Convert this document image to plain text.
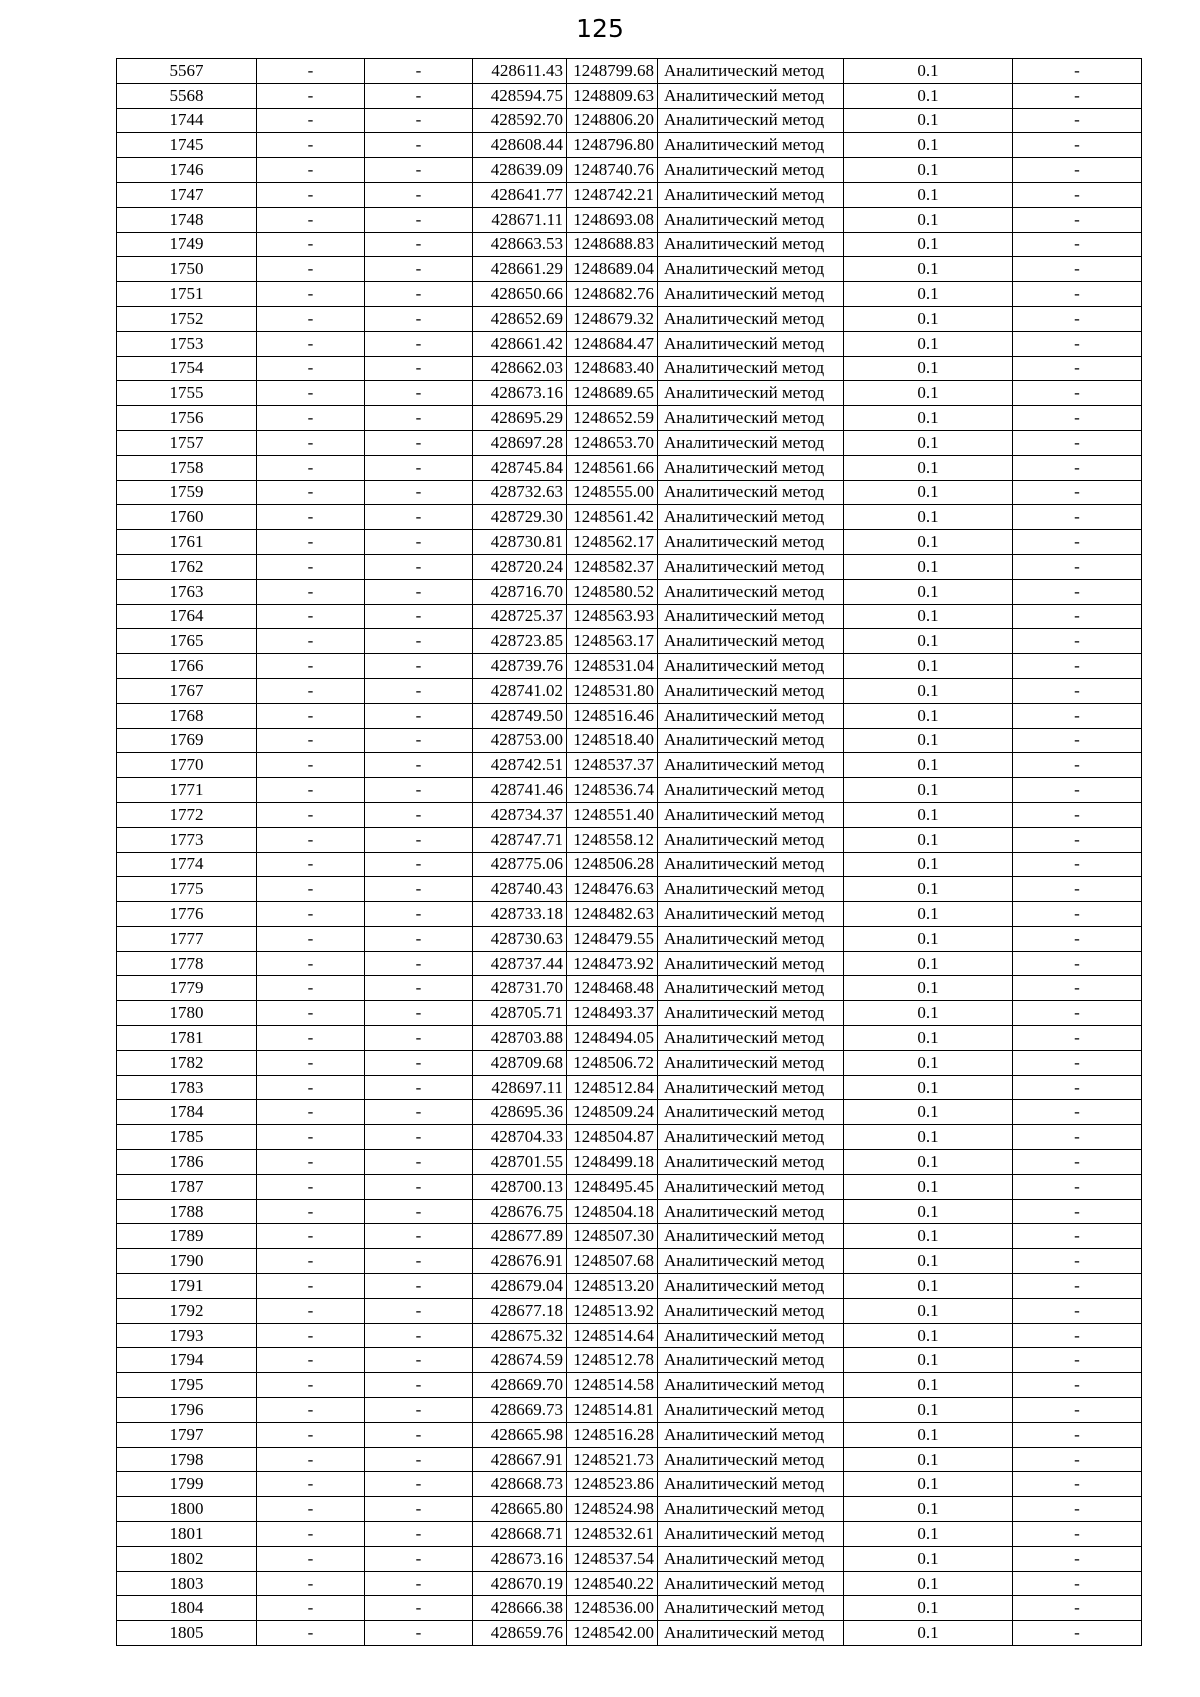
125
5567	-	-	428611.43	1248799.68	Аналитический метод	0.1	-
5568	-	-	428594.75	1248809.63	Аналитический метод	0.1	-
1744	-	-	428592.70	1248806.20	Аналитический метод	0.1	-
1745	-	-	428608.44	1248796.80	Аналитический метод	0.1	-
1746	-	-	428639.09	1248740.76	Аналитический метод	0.1	-
1747	-	-	428641.77	1248742.21	Аналитический метод	0.1	-
1748	-	-	428671.11	1248693.08	Аналитический метод	0.1	-
1749	-	-	428663.53	1248688.83	Аналитический метод	0.1	-
1750	-	-	428661.29	1248689.04	Аналитический метод	0.1	-
1751	-	-	428650.66	1248682.76	Аналитический метод	0.1	-
1752	-	-	428652.69	1248679.32	Аналитический метод	0.1	-
1753	-	-	428661.42	1248684.47	Аналитический метод	0.1	-
1754	-	-	428662.03	1248683.40	Аналитический метод	0.1	-
1755	-	-	428673.16	1248689.65	Аналитический метод	0.1	-
1756	-	-	428695.29	1248652.59	Аналитический метод	0.1	-
1757	-	-	428697.28	1248653.70	Аналитический метод	0.1	-
1758	-	-	428745.84	1248561.66	Аналитический метод	0.1	-
1759	-	-	428732.63	1248555.00	Аналитический метод	0.1	-
1760	-	-	428729.30	1248561.42	Аналитический метод	0.1	-
1761	-	-	428730.81	1248562.17	Аналитический метод	0.1	-
1762	-	-	428720.24	1248582.37	Аналитический метод	0.1	-
1763	-	-	428716.70	1248580.52	Аналитический метод	0.1	-
1764	-	-	428725.37	1248563.93	Аналитический метод	0.1	-
1765	-	-	428723.85	1248563.17	Аналитический метод	0.1	-
1766	-	-	428739.76	1248531.04	Аналитический метод	0.1	-
1767	-	-	428741.02	1248531.80	Аналитический метод	0.1	-
1768	-	-	428749.50	1248516.46	Аналитический метод	0.1	-
1769	-	-	428753.00	1248518.40	Аналитический метод	0.1	-
1770	-	-	428742.51	1248537.37	Аналитический метод	0.1	-
1771	-	-	428741.46	1248536.74	Аналитический метод	0.1	-
1772	-	-	428734.37	1248551.40	Аналитический метод	0.1	-
1773	-	-	428747.71	1248558.12	Аналитический метод	0.1	-
1774	-	-	428775.06	1248506.28	Аналитический метод	0.1	-
1775	-	-	428740.43	1248476.63	Аналитический метод	0.1	-
1776	-	-	428733.18	1248482.63	Аналитический метод	0.1	-
1777	-	-	428730.63	1248479.55	Аналитический метод	0.1	-
1778	-	-	428737.44	1248473.92	Аналитический метод	0.1	-
1779	-	-	428731.70	1248468.48	Аналитический метод	0.1	-
1780	-	-	428705.71	1248493.37	Аналитический метод	0.1	-
1781	-	-	428703.88	1248494.05	Аналитический метод	0.1	-
1782	-	-	428709.68	1248506.72	Аналитический метод	0.1	-
1783	-	-	428697.11	1248512.84	Аналитический метод	0.1	-
1784	-	-	428695.36	1248509.24	Аналитический метод	0.1	-
1785	-	-	428704.33	1248504.87	Аналитический метод	0.1	-
1786	-	-	428701.55	1248499.18	Аналитический метод	0.1	-
1787	-	-	428700.13	1248495.45	Аналитический метод	0.1	-
1788	-	-	428676.75	1248504.18	Аналитический метод	0.1	-
1789	-	-	428677.89	1248507.30	Аналитический метод	0.1	-
1790	-	-	428676.91	1248507.68	Аналитический метод	0.1	-
1791	-	-	428679.04	1248513.20	Аналитический метод	0.1	-
1792	-	-	428677.18	1248513.92	Аналитический метод	0.1	-
1793	-	-	428675.32	1248514.64	Аналитический метод	0.1	-
1794	-	-	428674.59	1248512.78	Аналитический метод	0.1	-
1795	-	-	428669.70	1248514.58	Аналитический метод	0.1	-
1796	-	-	428669.73	1248514.81	Аналитический метод	0.1	-
1797	-	-	428665.98	1248516.28	Аналитический метод	0.1	-
1798	-	-	428667.91	1248521.73	Аналитический метод	0.1	-
1799	-	-	428668.73	1248523.86	Аналитический метод	0.1	-
1800	-	-	428665.80	1248524.98	Аналитический метод	0.1	-
1801	-	-	428668.71	1248532.61	Аналитический метод	0.1	-
1802	-	-	428673.16	1248537.54	Аналитический метод	0.1	-
1803	-	-	428670.19	1248540.22	Аналитический метод	0.1	-
1804	-	-	428666.38	1248536.00	Аналитический метод	0.1	-
1805	-	-	428659.76	1248542.00	Аналитический метод	0.1	-
